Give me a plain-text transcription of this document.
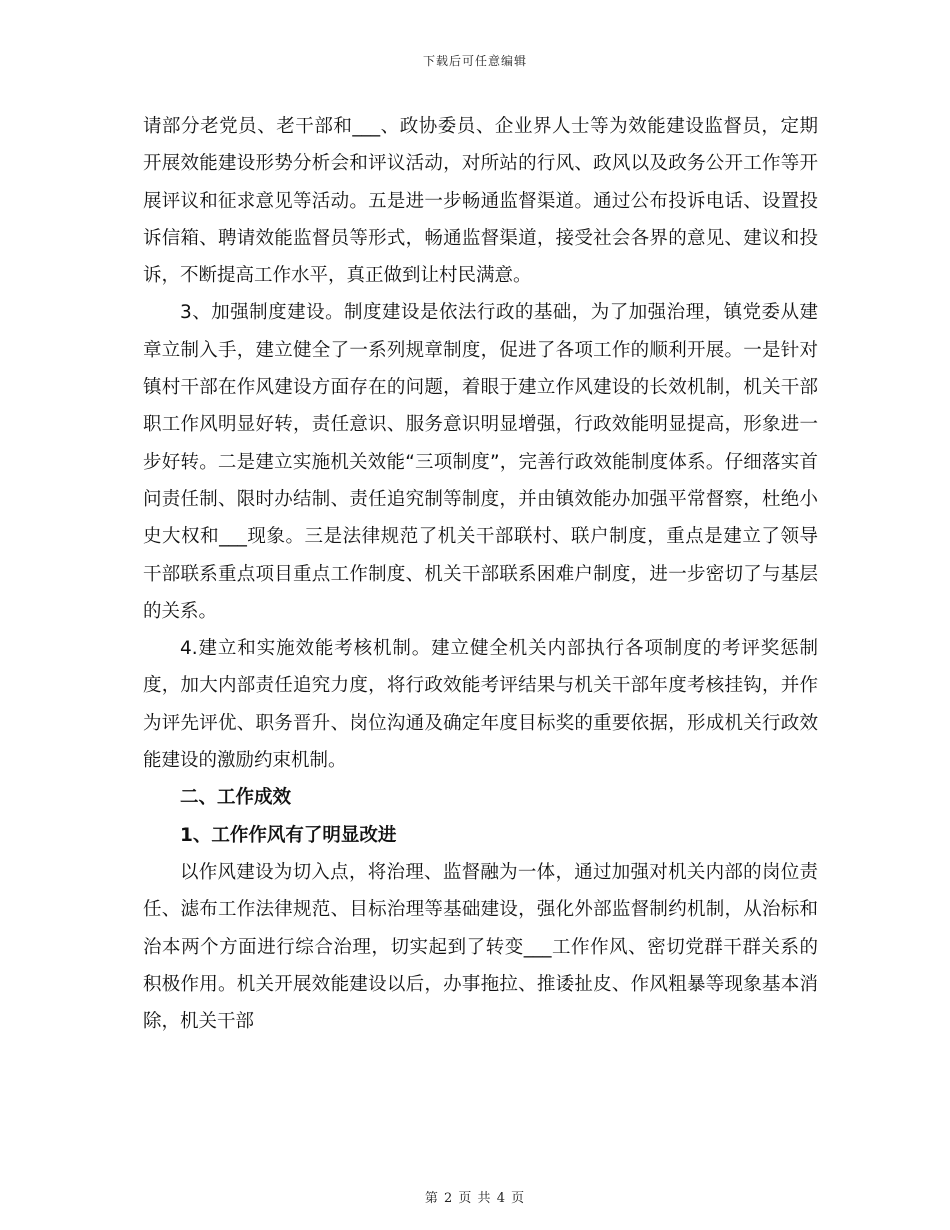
下载后可任意编辑

请部分老党员、老干部和___、政协委员、企业界人士等为效能建设监督员，定期开展效能建设形势分析会和评议活动，对所站的行风、政风以及政务公开工作等开展评议和征求意见等活动。五是进一步畅通监督渠道。通过公布投诉电话、设置投诉信箱、聘请效能监督员等形式，畅通监督渠道，接受社会各界的意见、建议和投诉，不断提高工作水平，真正做到让村民满意。

3、加强制度建设。制度建设是依法行政的基础，为了加强治理，镇党委从建章立制入手，建立健全了一系列规章制度，促进了各项工作的顺利开展。一是针对镇村干部在作风建设方面存在的问题，着眼于建立作风建设的长效机制，机关干部职工作风明显好转，责任意识、服务意识明显增强，行政效能明显提高，形象进一步好转。二是建立实施机关效能“三项制度”，完善行政效能制度体系。仔细落实首问责任制、限时办结制、责任追究制等制度，并由镇效能办加强平常督察，杜绝小史大权和___现象。三是法律规范了机关干部联村、联户制度，重点是建立了领导干部联系重点项目重点工作制度、机关干部联系困难户制度，进一步密切了与基层的关系。

4.建立和实施效能考核机制。建立健全机关内部执行各项制度的考评奖惩制度，加大内部责任追究力度，将行政效能考评结果与机关干部年度考核挂钩，并作为评先评优、职务晋升、岗位沟通及确定年度目标奖的重要依据，形成机关行政效能建设的激励约束机制。

二、工作成效

1、工作作风有了明显改进

以作风建设为切入点，将治理、监督融为一体，通过加强对机关内部的岗位责任、滤布工作法律规范、目标治理等基础建设，强化外部监督制约机制，从治标和治本两个方面进行综合治理，切实起到了转变___工作作风、密切党群干群关系的积极作用。机关开展效能建设以后，办事拖拉、推诿扯皮、作风粗暴等现象基本消除，机关干部

第 2 页 共 4 页
